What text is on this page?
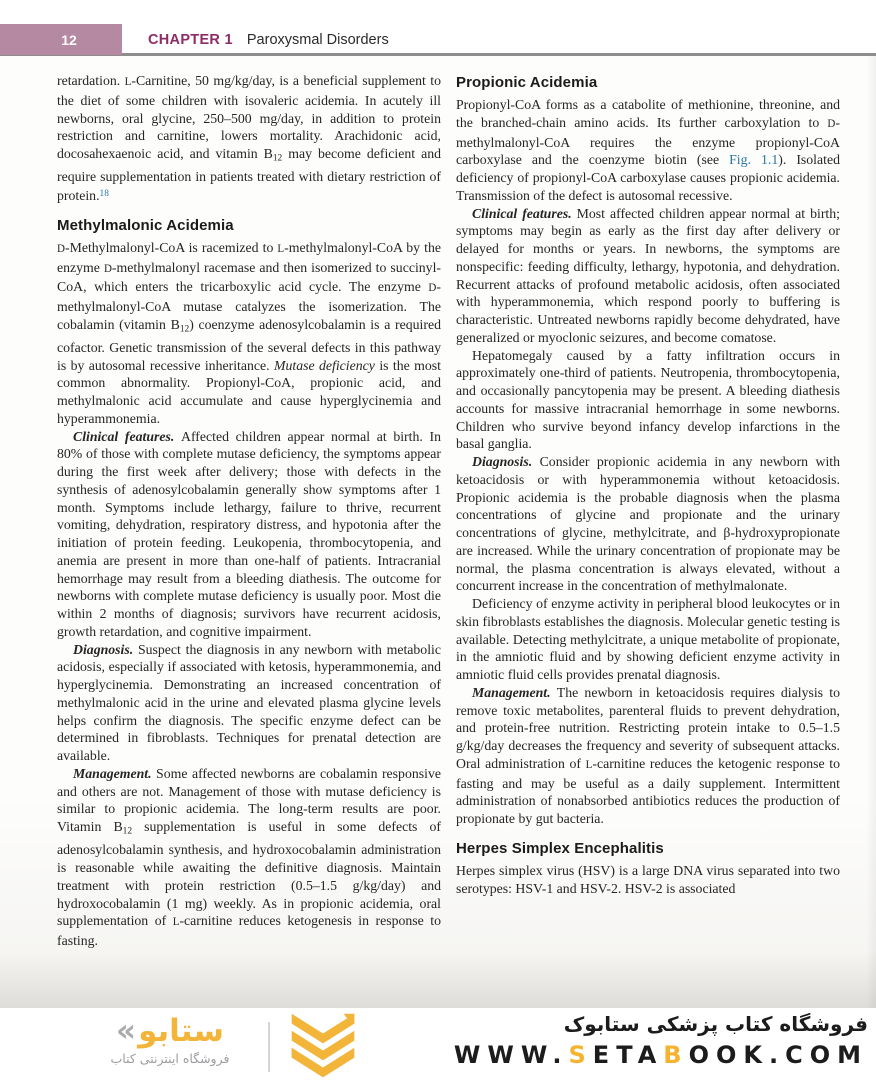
12	CHAPTER 1 Paroxysmal Disorders

retardation. L-Carnitine, 50 mg/kg/day, is a beneficial supplement to the diet of some children with isovaleric acidemia. In acutely ill newborns, oral glycine, 250–500 mg/day, in addition to protein restriction and carnitine, lowers mortality. Arachidonic acid, docosahexaenoic acid, and vitamin B12 may become deficient and require supplementation in patients treated with dietary restriction of protein.$^{18}$

Methylmalonic Acidemia

D-Methylmalonyl-CoA is racemized to L-methylmalonyl-CoA by the enzyme D-methylmalonyl racemase and then isomerized to succinyl-CoA, which enters the tricarboxylic acid cycle. The enzyme D-methylmalonyl-CoA mutase catalyzes the isomerization. The cobalamin (vitamin B12) coenzyme adenosylcobalamin is a required cofactor. Genetic transmission of the several defects in this pathway is by autosomal recessive inheritance. Mutase deficiency is the most common abnormality. Propionyl-CoA, propionic acid, and methylmalonic acid accumulate and cause hyperglycinemia and hyperammonemia.

Clinical features. Affected children appear normal at birth. In 80% of those with complete mutase deficiency, the symptoms appear during the first week after delivery; those with defects in the synthesis of adenosylcobalamin generally show symptoms after 1 month. Symptoms include lethargy, failure to thrive, recurrent vomiting, dehydration, respiratory distress, and hypotonia after the initiation of protein feeding. Leukopenia, thrombocytopenia, and anemia are present in more than one-half of patients. Intracranial hemorrhage may result from a bleeding diathesis. The outcome for newborns with complete mutase deficiency is usually poor. Most die within 2 months of diagnosis; survivors have recurrent acidosis, growth retardation, and cognitive impairment.

Diagnosis. Suspect the diagnosis in any newborn with metabolic acidosis, especially if associated with ketosis, hyperammonemia, and hyperglycinemia. Demonstrating an increased concentration of methylmalonic acid in the urine and elevated plasma glycine levels helps confirm the diagnosis. The specific enzyme defect can be determined in fibroblasts. Techniques for prenatal detection are available.

Management. Some affected newborns are cobalamin responsive and others are not. Management of those with mutase deficiency is similar to propionic acidemia. The long-term results are poor. Vitamin B12 supplementation is useful in some defects of adenosylcobalamin synthesis, and hydroxocobalamin administration is reasonable while awaiting the definitive diagnosis. Maintain treatment with protein restriction (0.5–1.5 g/kg/day) and hydroxocobalamin (1 mg) weekly. As in propionic acidemia, oral supplementation of L-carnitine reduces ketogenesis in response to fasting.

Propionic Acidemia

Propionyl-CoA forms as a catabolite of methionine, threonine, and the branched-chain amino acids. Its further carboxylation to D-methylmalonyl-CoA requires the enzyme propionyl-CoA carboxylase and the coenzyme biotin (see Fig. 1.1). Isolated deficiency of propionyl-CoA carboxylase causes propionic acidemia. Transmission of the defect is autosomal recessive.

Clinical features. Most affected children appear normal at birth; symptoms may begin as early as the first day after delivery or delayed for months or years. In newborns, the symptoms are nonspecific: feeding difficulty, lethargy, hypotonia, and dehydration. Recurrent attacks of profound metabolic acidosis, often associated with hyperammonemia, which respond poorly to buffering is characteristic. Untreated newborns rapidly become dehydrated, have generalized or myoclonic seizures, and become comatose.

Hepatomegaly caused by a fatty infiltration occurs in approximately one-third of patients. Neutropenia, thrombocytopenia, and occasionally pancytopenia may be present. A bleeding diathesis accounts for massive intracranial hemorrhage in some newborns. Children who survive beyond infancy develop infarctions in the basal ganglia.

Diagnosis. Consider propionic acidemia in any newborn with ketoacidosis or with hyperammonemia without ketoacidosis. Propionic acidemia is the probable diagnosis when the plasma concentrations of glycine and propionate and the urinary concentrations of glycine, methylcitrate, and β-hydroxypropionate are increased. While the urinary concentration of propionate may be normal, the plasma concentration is always elevated, without a concurrent increase in the concentration of methylmalonate.

Deficiency of enzyme activity in peripheral blood leukocytes or in skin fibroblasts establishes the diagnosis. Molecular genetic testing is available. Detecting methylcitrate, a unique metabolite of propionate, in the amniotic fluid and by showing deficient enzyme activity in amniotic fluid cells provides prenatal diagnosis.

Management. The newborn in ketoacidosis requires dialysis to remove toxic metabolites, parenteral fluids to prevent dehydration, and protein-free nutrition. Restricting protein intake to 0.5–1.5 g/kg/day decreases the frequency and severity of subsequent attacks. Oral administration of L-carnitine reduces the ketogenic response to fasting and may be useful as a daily supplement. Intermittent administration of nonabsorbed antibiotics reduces the production of propionate by gut bacteria.

Herpes Simplex Encephalitis

Herpes simplex virus (HSV) is a large DNA virus separated into two serotypes: HSV-1 and HSV-2. HSV-2 is associated

« ستابو
فروشگاه اینترنتی کتاب
فروشگاه کتاب پزشکی ستابوک
WWW.SETABOOK.COM
